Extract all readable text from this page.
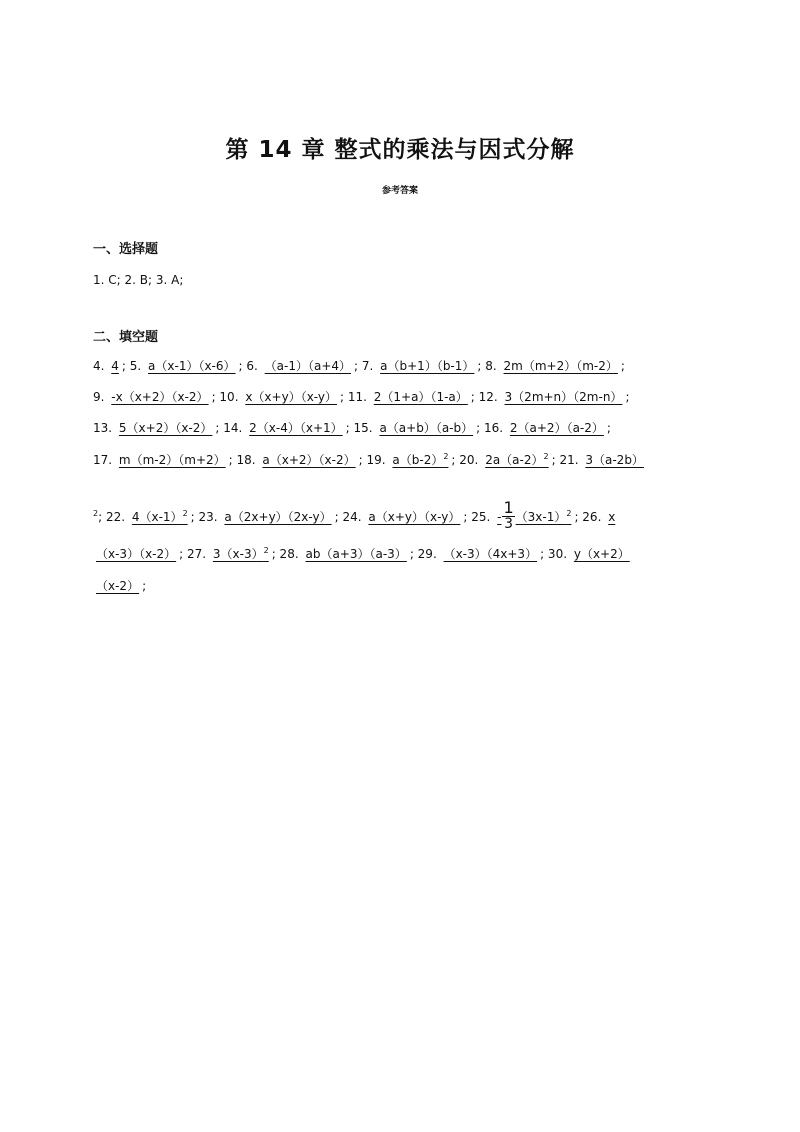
第 14 章 整式的乘法与因式分解
参考答案
一、选择题
1. C; 2. B; 3. A;
二、填空题
4. 4 ; 5. a（x-1）（x-6） ; 6. （a-1）（a+4） ; 7. a（b+1）（b-1） ; 8. 2m（m+2）（m-2） ;
9. -x（x+2）（x-2） ; 10. x（x+y）（x-y） ; 11. 2（1+a）（1-a） ; 12. 3（2m+n）（2m-n） ;
13. 5（x+2）（x-2） ; 14. 2（x-4）（x+1） ; 15. a（a+b）（a-b） ; 16. 2（a+2）（a-2） ;
17. m（m-2）（m+2） ; 18. a（x+2）（x-2） ; 19. $a(b-2)^2$ ; 20. $2a(a-2)^2$ ; 21. 3（a-2b）
$^2$; 22. $4(x-1)^2$ ; 23. a（2x+y）（2x-y） ; 24. a（x+y）（x-y） ; 25. - $\frac{1}{3} (3x-1)^2$ ; 26. x
（x-3）（x-2） ; 27. $3(x-3)^2$ ; 28. ab（a+3）（a-3） ; 29. （x-3）（4x+3） ; 30. y（x+2）
（x-2） ;
